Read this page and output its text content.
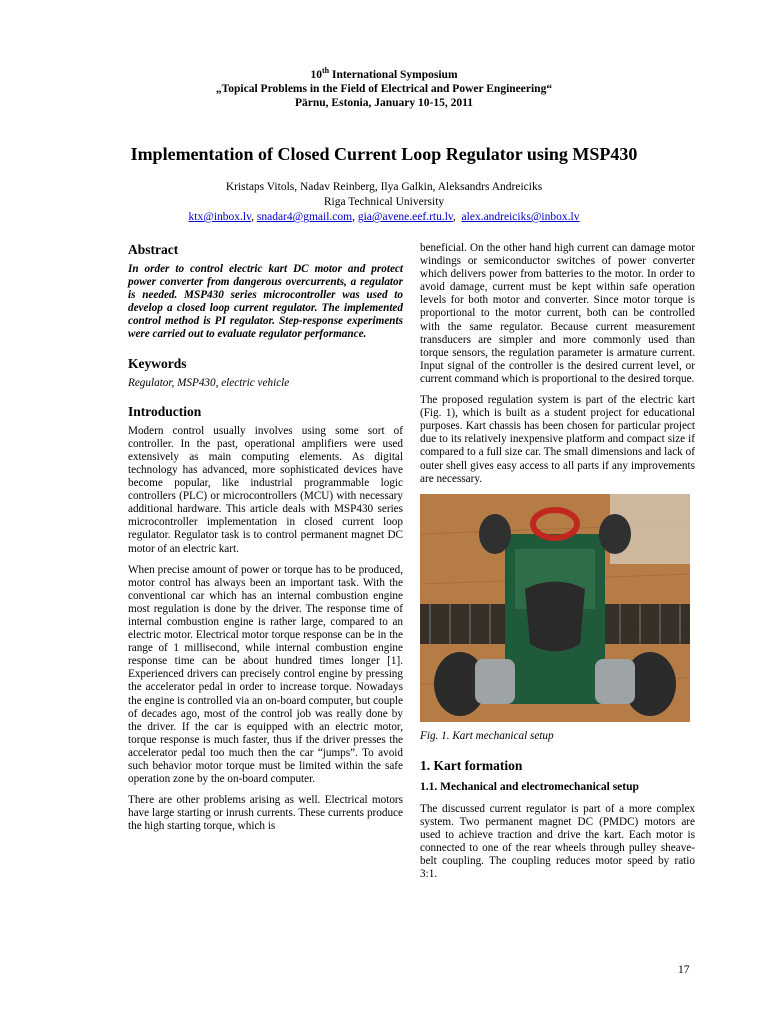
10th International Symposium
„Topical Problems in the Field of Electrical and Power Engineering“
Pärnu, Estonia, January 10-15, 2011
Implementation of Closed Current Loop Regulator using MSP430
Kristaps Vitols, Nadav Reinberg, Ilya Galkin, Aleksandrs Andreiciks
Riga Technical University
ktx@inbox.lv, snadar4@gmail.com, gia@avene.eef.rtu.lv,  alex.andreiciks@inbox.lv
Abstract

In order to control electric kart DC motor and protect power converter from dangerous overcurrents, a regulator is needed. MSP430 series microcontroller was used to develop a closed loop current regulator. The implemented control method is PI regulator. Step-response experiments were carried out to evaluate regulator performance.

Keywords

Regulator, MSP430, electric vehicle

Introduction

Modern control usually involves using some sort of controller. In the past, operational amplifiers were used extensively as main computing elements. As digital technology has advanced, more sophisticated devices have become popular, like industrial programmable logic controllers (PLC) or microcontrollers (MCU) with necessary additional hardware. This article deals with MSP430 series microcontroller implementation in closed current loop regulator. Regulator task is to control permanent magnet DC motor of an electric kart.

When precise amount of power or torque has to be produced, motor control has always been an important task. With the conventional car which has an internal combustion engine most regulation is done by the driver. The response time of internal combustion engine is rather large, compared to an electric motor. Electrical motor torque response can be in the range of 1 millisecond, while internal combustion engine response time can be about hundred times longer [1]. Experienced drivers can precisely control engine by pressing the accelerator pedal in order to increase torque. Nowadays the engine is controlled via an on-board computer, but couple of decades ago, most of the control job was really done by the driver. If the car is equipped with an electric motor, torque response is much faster, thus if the driver presses the accelerator pedal too much then the car “jumps”. To avoid such behavior motor torque must be limited within the safe operation zone by the on-board computer.

There are other problems arising as well. Electrical motors have large starting or inrush currents. These currents produce the high starting torque, which is

beneficial. On the other hand high current can damage motor windings or semiconductor switches of power converter which delivers power from batteries to the motor. In order to avoid damage, current must be kept within safe operation levels for both motor and converter. Since motor torque is proportional to the motor current, both can be controlled with the same regulator. Because current measurement transducers are simpler and more commonly used than torque sensors, the regulation parameter is armature current. Input signal of the controller is the desired current level, or current command which is proportional to the desired torque.

The proposed regulation system is part of the electric kart (Fig. 1), which is built as a student project for educational purposes. Kart chassis has been chosen for particular project due to its relatively inexpensive platform and compact size if compared to a full size car. The small dimensions and lack of outer shell gives easy access to all parts if any improvements are necessary.

Fig. 1. Kart mechanical setup

1. Kart formation
1.1. Mechanical and electromechanical setup

The discussed current regulator is part of a more complex system. Two permanent magnet DC (PMDC) motors are used to achieve traction and drive the kart. Each motor is connected to one of the rear wheels through pulley sheave-belt coupling. The coupling reduces motor speed by ratio 3:1.

17
